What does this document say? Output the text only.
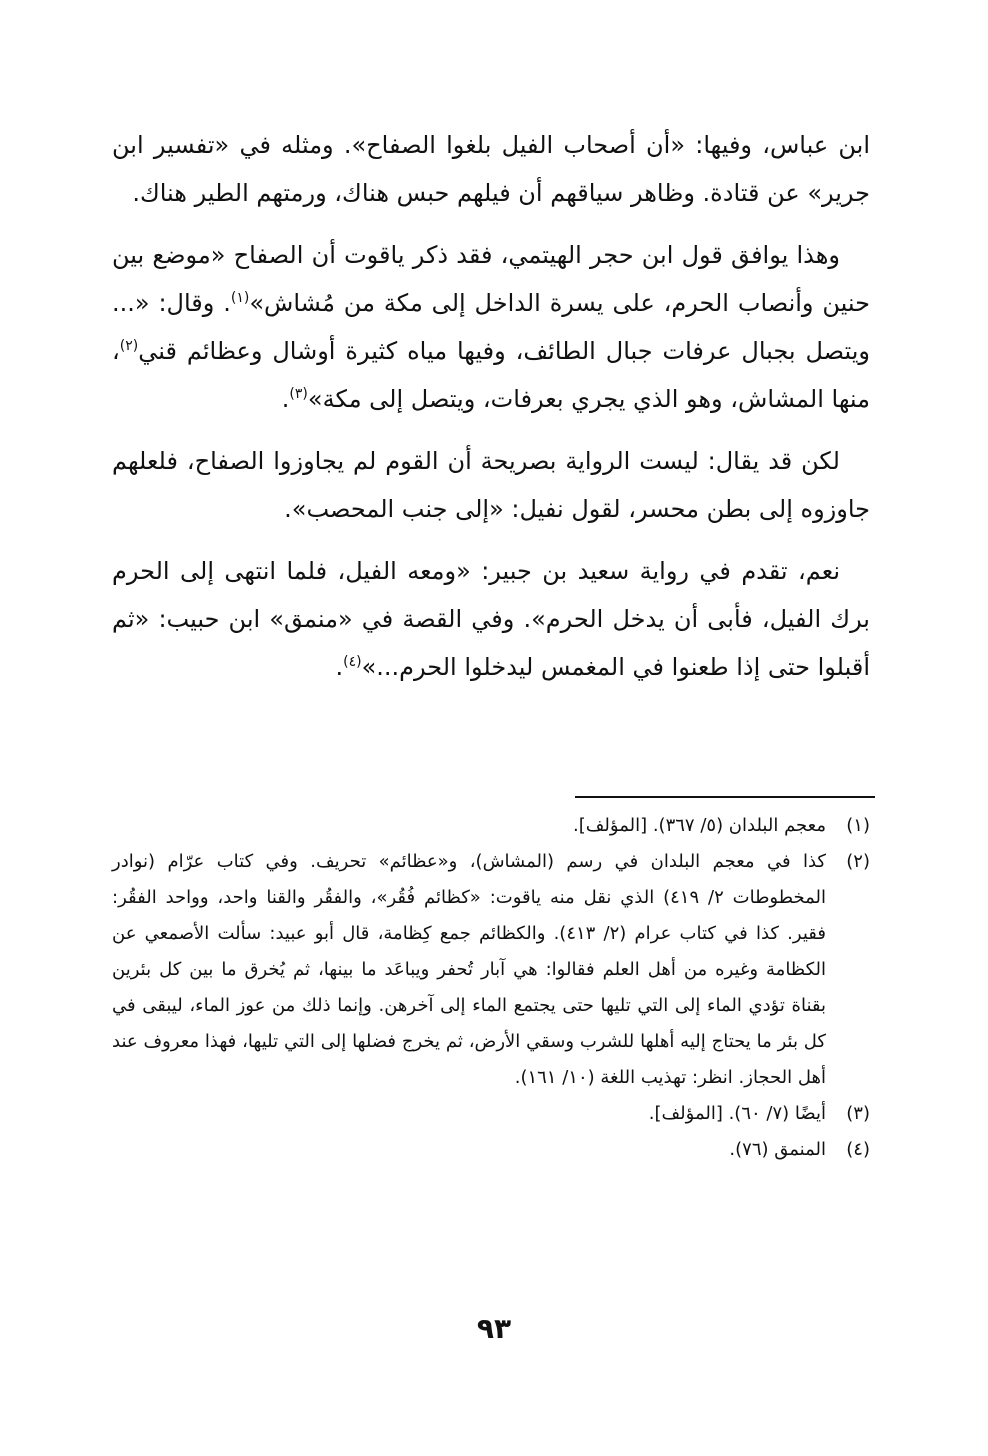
ابن عباس، وفيها: «أن أصحاب الفيل بلغوا الصفاح». ومثله في «تفسير ابن جرير» عن قتادة. وظاهر سياقهم أن فيلهم حبس هناك، ورمتهم الطير هناك.

وهذا يوافق قول ابن حجر الهيتمي، فقد ذكر ياقوت أن الصفاح «موضع بين حنين وأنصاب الحرم، على يسرة الداخل إلى مكة من مُشاش»$^{(١)}$. وقال: «... ويتصل بجبال عرفات جبال الطائف، وفيها مياه كثيرة أوشال وعظائم قني$^{(٢)}$، منها المشاش، وهو الذي يجري بعرفات، ويتصل إلى مكة»$^{(٣)}$.

لكن قد يقال: ليست الرواية بصريحة أن القوم لم يجاوزوا الصفاح، فلعلهم جاوزوه إلى بطن محسر، لقول نفيل: «إلى جنب المحصب».

نعم، تقدم في رواية سعيد بن جبير: «ومعه الفيل، فلما انتهى إلى الحرم برك الفيل، فأبى أن يدخل الحرم». وفي القصة في «منمق» ابن حبيب: «ثم أقبلوا حتى إذا طعنوا في المغمس ليدخلوا الحرم...»$^{(٤)}$.

(١)
معجم البلدان (٥/ ٣٦٧). [المؤلف].
(٢)
كذا في معجم البلدان في رسم (المشاش)، و«عظائم» تحريف. وفي كتاب عرّام (نوادر المخطوطات ٢/ ٤١٩) الذي نقل منه ياقوت: «كظائم فُقُر»، والفقُر والقنا واحد، وواحد الفقُر: فقير. كذا في كتاب عرام (٢/ ٤١٣). والكظائم جمع كِظامة، قال أبو عبيد: سألت الأصمعي عن الكظامة وغيره من أهل العلم فقالوا: هي آبار تُحفر ويباعَد ما بينها، ثم يُخرق ما بين كل بئرين بقناة تؤدي الماء إلى التي تليها حتى يجتمع الماء إلى آخرهن. وإنما ذلك من عوز الماء، ليبقى في كل بئر ما يحتاج إليه أهلها للشرب وسقي الأرض، ثم يخرج فضلها إلى التي تليها، فهذا معروف عند أهل الحجاز. انظر: تهذيب اللغة (١٠/ ١٦١).
(٣)
أيضًا (٧/ ٦٠). [المؤلف].
(٤)
المنمق (٧٦).
٩٣
